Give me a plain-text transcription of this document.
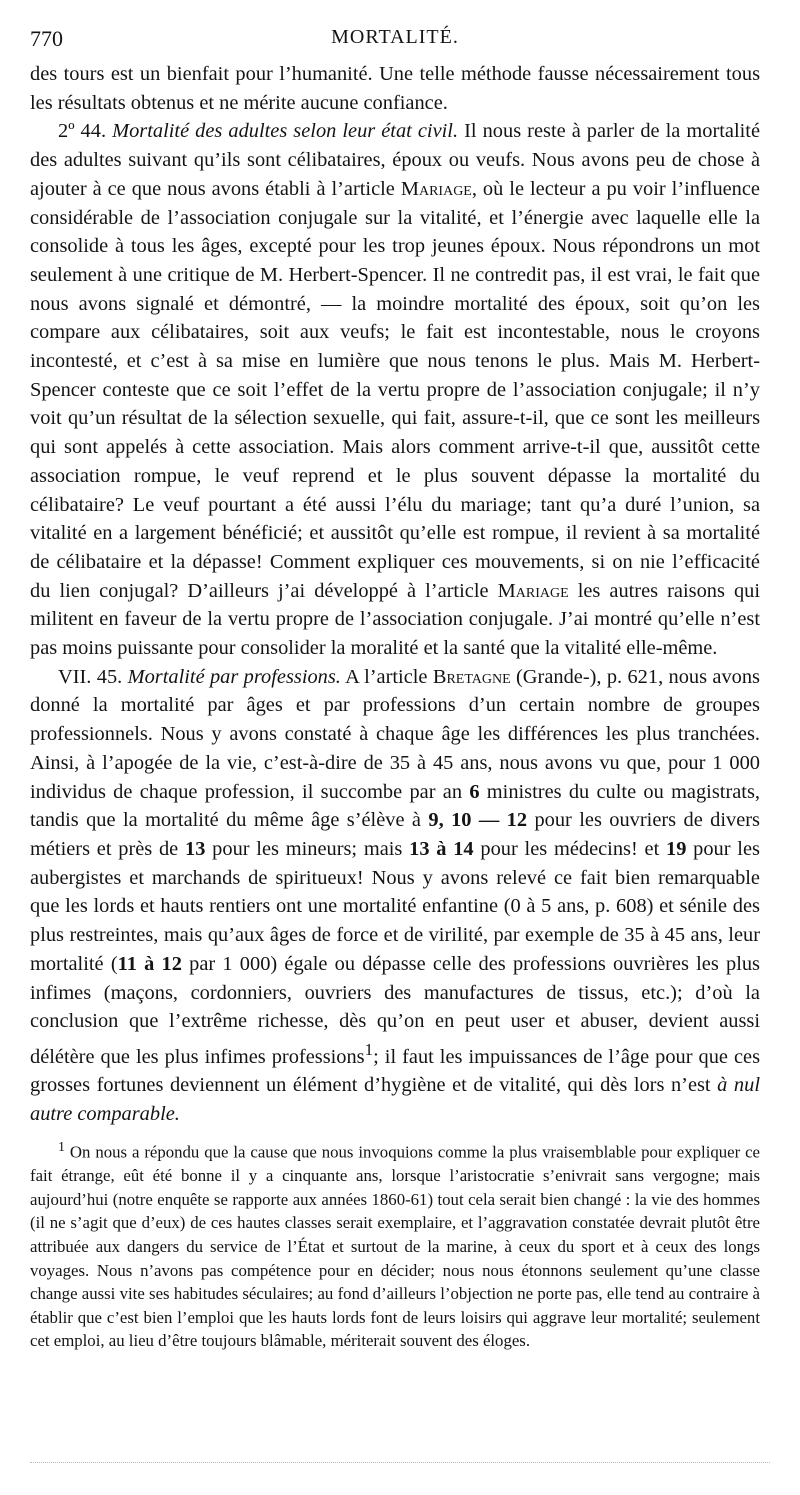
770	MORTALITÉ.

des tours est un bienfait pour l’humanité. Une telle méthode fausse nécessairement tous les résultats obtenus et ne mérite aucune confiance.

2º 44. Mortalité des adultes selon leur état civil. Il nous reste à parler de la mortalité des adultes suivant qu’ils sont célibataires, époux ou veufs. Nous avons peu de chose à ajouter à ce que nous avons établi à l’article Mariage, où le lecteur a pu voir l’influence considérable de l’association conjugale sur la vitalité, et l’énergie avec laquelle elle la consolide à tous les âges, excepté pour les trop jeunes époux. Nous répondrons un mot seulement à une critique de M. Herbert-Spencer. Il ne contredit pas, il est vrai, le fait que nous avons signalé et démontré, — la moindre mortalité des époux, soit qu’on les compare aux célibataires, soit aux veufs; le fait est incontestable, nous le croyons incontesté, et c’est à sa mise en lumière que nous tenons le plus. Mais M. Herbert-Spencer conteste que ce soit l’effet de la vertu propre de l’association conjugale; il n’y voit qu’un résultat de la sélection sexuelle, qui fait, assure-t-il, que ce sont les meilleurs qui sont appelés à cette association. Mais alors comment arrive-t-il que, aussitôt cette association rompue, le veuf reprend et le plus souvent dépasse la mortalité du célibataire? Le veuf pourtant a été aussi l’élu du mariage; tant qu’a duré l’union, sa vitalité en a largement bénéficié; et aussitôt qu’elle est rompue, il revient à sa mortalité de célibataire et la dépasse! Comment expliquer ces mouvements, si on nie l’efficacité du lien conjugal? D’ailleurs j’ai développé à l’article Mariage les autres raisons qui militent en faveur de la vertu propre de l’association conjugale. J’ai montré qu’elle n’est pas moins puissante pour consolider la moralité et la santé que la vitalité elle-même.

VII. 45. Mortalité par professions. A l’article Bretagne (Grande-), p. 621, nous avons donné la mortalité par âges et par professions d’un certain nombre de groupes professionnels. Nous y avons constaté à chaque âge les différences les plus tranchées. Ainsi, à l’apogée de la vie, c’est-à-dire de 35 à 45 ans, nous avons vu que, pour 1 000 individus de chaque profession, il succombe par an 6 ministres du culte ou magistrats, tandis que la mortalité du même âge s’élève à 9, 10 — 12 pour les ouvriers de divers métiers et près de 13 pour les mineurs; mais 13 à 14 pour les médecins! et 19 pour les aubergistes et marchands de spiritueux! Nous y avons relevé ce fait bien remarquable que les lords et hauts rentiers ont une mortalité enfantine (0 à 5 ans, p. 608) et sénile des plus restreintes, mais qu’aux âges de force et de virilité, par exemple de 35 à 45 ans, leur mortalité (11 à 12 par 1 000) égale ou dépasse celle des professions ouvrières les plus infimes (maçons, cordonniers, ouvriers des manufactures de tissus, etc.); d’où la conclusion que l’extrême richesse, dès qu’on en peut user et abuser, devient aussi délétère que les plus infimes professions$^1$; il faut les impuissances de l’âge pour que ces grosses fortunes deviennent un élément d’hygiène et de vitalité, qui dès lors n’est à nul autre comparable.

$^1$ On nous a répondu que la cause que nous invoquions comme la plus vraisemblable pour expliquer ce fait étrange, eût été bonne il y a cinquante ans, lorsque l’aristocratie s’enivrait sans vergogne; mais aujourd’hui (notre enquête se rapporte aux années 1860-61) tout cela serait bien changé : la vie des hommes (il ne s’agit que d’eux) de ces hautes classes serait exemplaire, et l’aggravation constatée devrait plutôt être attribuée aux dangers du service de l’État et surtout de la marine, à ceux du sport et à ceux des longs voyages. Nous n’avons pas compétence pour en décider; nous nous étonnons seulement qu’une classe change aussi vite ses habitudes séculaires; au fond d’ailleurs l’objection ne porte pas, elle tend au contraire à établir que c’est bien l’emploi que les hauts lords font de leurs loisirs qui aggrave leur mortalité; seulement cet emploi, au lieu d’être toujours blâmable, mériterait souvent des éloges.
